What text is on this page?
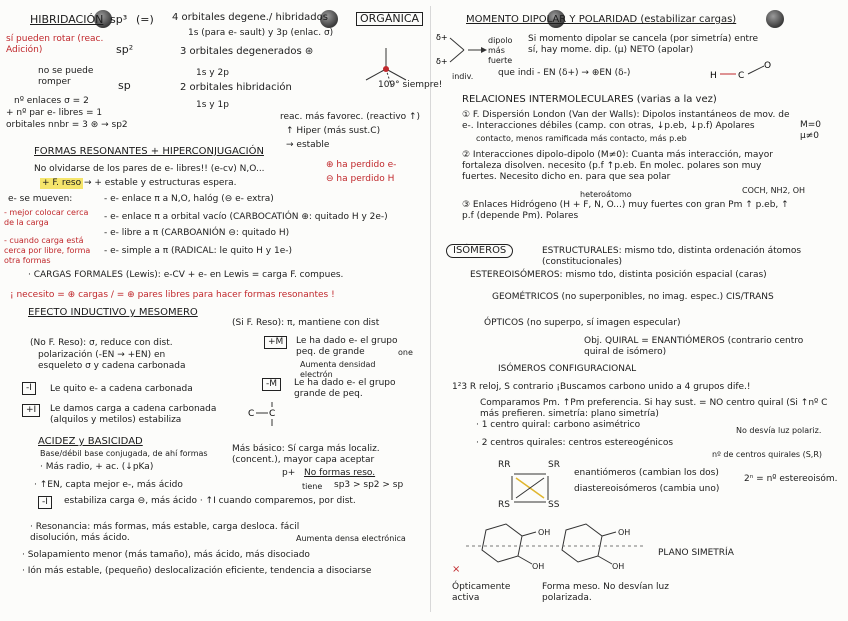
HIBRIDACIÓN sp³ (=) 4 orbitales degene./ hibridados
1s (para e- sault) y 3p (enlac. σ)
sí pueden rotar (reac. Adición)	sp²	3 orbitales degenerados ⊛
1s y 2p
no se puede romper	sp	2 orbitales hibridación
1s y 1p
nº enlaces σ = 2
+ nº par e- libres = 1
orbitales nnbr = 3 ⊛ → sp2
ORGÁNICA
109° siempre!
FORMAS RESONANTES + HIPERCONJUGACIÓN
reac. más favorec. (reactivo ↑)
↑ Hiper (más sust.C)
→ estable
No olvidarse de los pares de e- libres!! (e-cv) N,O...
+ F. reso → + estable y estructuras espera.
⊕ ha perdido e-
⊖ ha perdido H
e- se mueven:	- e- enlace π a N,O, halóg (⊖ e- extra)
- mejor colocar cerca de la carga
- e- enlace π a orbital vacío (CARBOCATIÓN ⊕: quitado H y 2e-)
- e- libre a π (CARBOANIÓN ⊖: quitado H)
- cuando carga está cerca por libre, forma otra formas
- e- simple a π (RADICAL: le quito H y 1e-)
· CARGAS FORMALES (Lewis): e-CV + e- en Lewis = carga F. compues.
¡ necesito = ⊕ cargas / = ⊕ pares libres para hacer formas resonantes !
EFECTO INDUCTIVO y MESOMERO
(Si F. Reso): π, mantiene con dist
(No F. Reso): σ, reduce con dist.
polarización (-EN → +EN) en esqueleto σ y cadena carbonada
+M	Le ha dado e- el grupo peq. de grande
Aumenta densidad electrón
one
-I	Le quito e- a cadena carbonada	-M	Le ha dado e- el grupo grande de peq.
+I	Le damos carga a cadena carbonada (alquilos y metilos) estabiliza
C C
ACIDEZ y BASICIDAD
Base/débil base conjugada, de ahí formas
· Más radio, + ac. (↓pKa)
Más básico: Sí carga más localiz. (concent.), mayor capa aceptar
p+ No formas reso.
tiene sp3 > sp2 > sp
· ↑EN, capta mejor e-, más ácido
-I	estabiliza carga ⊖, más ácido · ↑I cuando comparemos, por dist.
· Resonancia: más formas, más estable, carga desloca. fácil disolución, más ácido.	Aumenta densa electrónica
· Solapamiento menor (más tamaño), más ácido, más disociado
· Ión más estable, (pequeño) deslocalización eficiente, tendencia a disociarse
MOMENTO DIPOLAR Y POLARIDAD (estabilizar cargas)
δ+
δ+
dipolo más fuerte
indiv.
Si momento dipolar se cancela (por simetría) entre sí, hay mome. dip. (μ) NETO (apolar)
que indi - EN (δ+) → ⊕EN (δ-)	H C
O
RELACIONES INTERMOLECULARES (varias a la vez)
① F. Dispersión London (Van der Walls): Dipolos instantáneos de mov. de e-. Interacciones débiles (camp. con otras, ↓p.eb, ↓p.f) Apolares	M=0 μ≠0
contacto, menos ramificada más contacto, más p.eb
② Interacciones dipolo-dipolo (M≠0): Cuanta más interacción, mayor fortaleza disolven. necesito (p.f ↑p.eb. En molec. polares son muy fuertes. Necesito dicho en. para que sea polar
COCH, NH2, OH
heteroátomo
③ Enlaces Hidrógeno (H + F, N, O...) muy fuertes con gran Pm ↑ p.eb, ↑ p.f (depende Pm). Polares
ISÓMEROS	ESTRUCTURALES: mismo tdo, distinta ordenación átomos (constitucionales)
ESTEREOISÓMEROS: mismo tdo, distinta posición espacial (caras)
GEOMÉTRICOS (no superponibles, no imag. espec.) CIS/TRANS
ÓPTICOS (no superpo, sí imagen especular)
Obj. QUIRAL = ENANTIÓMEROS (contrario centro quiral de isómero)
ISÓMEROS CONFIGURACIONAL
1²3 R reloj, S contrario ¡Buscamos carbono unido a 4 grupos dife.!
Comparamos Pm. ↑Pm preferencia. Si hay sust. = NO centro quiral (Si ↑nº C más prefieren. simetría: plano simetría)
· 1 centro quiral: carbono asimétrico
No desvía luz polariz.
· 2 centros quirales: centros estereogénicos
nº de centros quirales (S,R)
2ⁿ = nº estereoisóm.
RR	SR
RS	SS
enantiómeros (cambian los dos)
diastereoisómeros (cambia uno)
OH
OH
OH
OH
PLANO SIMETRÍA
×
Ópticamente activa
Forma meso. No desvían luz polarizada.
